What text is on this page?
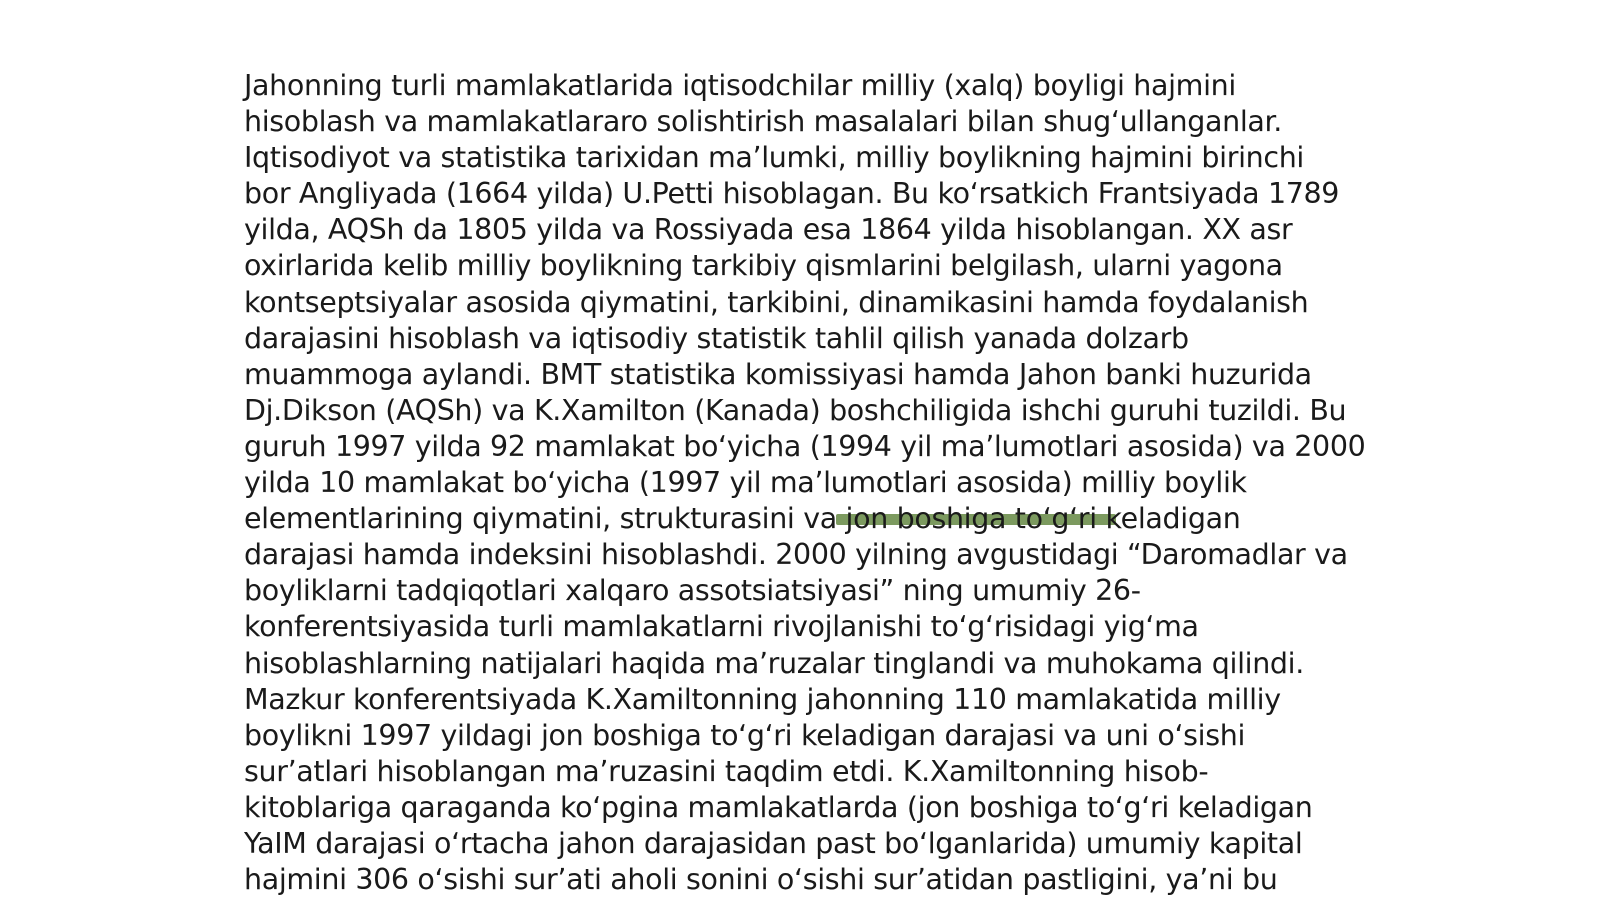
Jahonning turli mamlakatlarida iqtisodchilar milliy (xalq) boyligi hajmini
hisoblash va mamlakatlararo solishtirish masalalari bilan shugʻullanganlar.
Iqtisodiyot va statistika tarixidan maʼlumki, milliy boylikning hajmini birinchi
bor Angliyada (1664 yilda) U.Petti hisoblagan. Bu koʻrsatkich Frantsiyada 1789
yilda, AQSh da 1805 yilda va Rossiyada esa 1864 yilda hisoblangan. XX asr
oxirlarida kelib milliy boylikning tarkibiy qismlarini belgilash, ularni yagona
kontseptsiyalar asosida qiymatini, tarkibini, dinamikasini hamda foydalanish
darajasini hisoblash va iqtisodiy statistik tahlil qilish yanada dolzarb
muammoga aylandi. BMT statistika komissiyasi hamda Jahon banki huzurida
Dj.Dikson (AQSh) va K.Xamilton (Kanada) boshchiligida ishchi guruhi tuzildi. Bu
guruh 1997 yilda 92 mamlakat boʻyicha (1994 yil maʼlumotlari asosida) va 2000
yilda 10 mamlakat boʻyicha (1997 yil maʼlumotlari asosida) milliy boylik
elementlarining qiymatini, strukturasini va jon boshiga toʻgʻri keladigan
darajasi hamda indeksini hisoblashdi. 2000 yilning avgustidagi “Daromadlar va
boyliklarni tadqiqotlari xalqaro assotsiatsiyasi” ning umumiy 26-
konferentsiyasida turli mamlakatlarni rivojlanishi toʻgʻrisidagi yigʻma
hisoblashlarning natijalari haqida maʼruzalar tinglandi va muhokama qilindi.
Mazkur konferentsiyada K.Xamiltonning jahonning 110 mamlakatida milliy
boylikni 1997 yildagi jon boshiga toʻgʻri keladigan darajasi va uni oʻsishi
surʼatlari hisoblangan maʼruzasini taqdim etdi. K.Xamiltonning hisob-
kitoblariga qaraganda koʻpgina mamlakatlarda (jon boshiga toʻgʻri keladigan
YaIM darajasi oʻrtacha jahon darajasidan past boʻlganlarida) umumiy kapital
hajmini 306 oʻsishi surʼati aholi sonini oʻsishi surʼatidan pastligini, yaʼni bu
